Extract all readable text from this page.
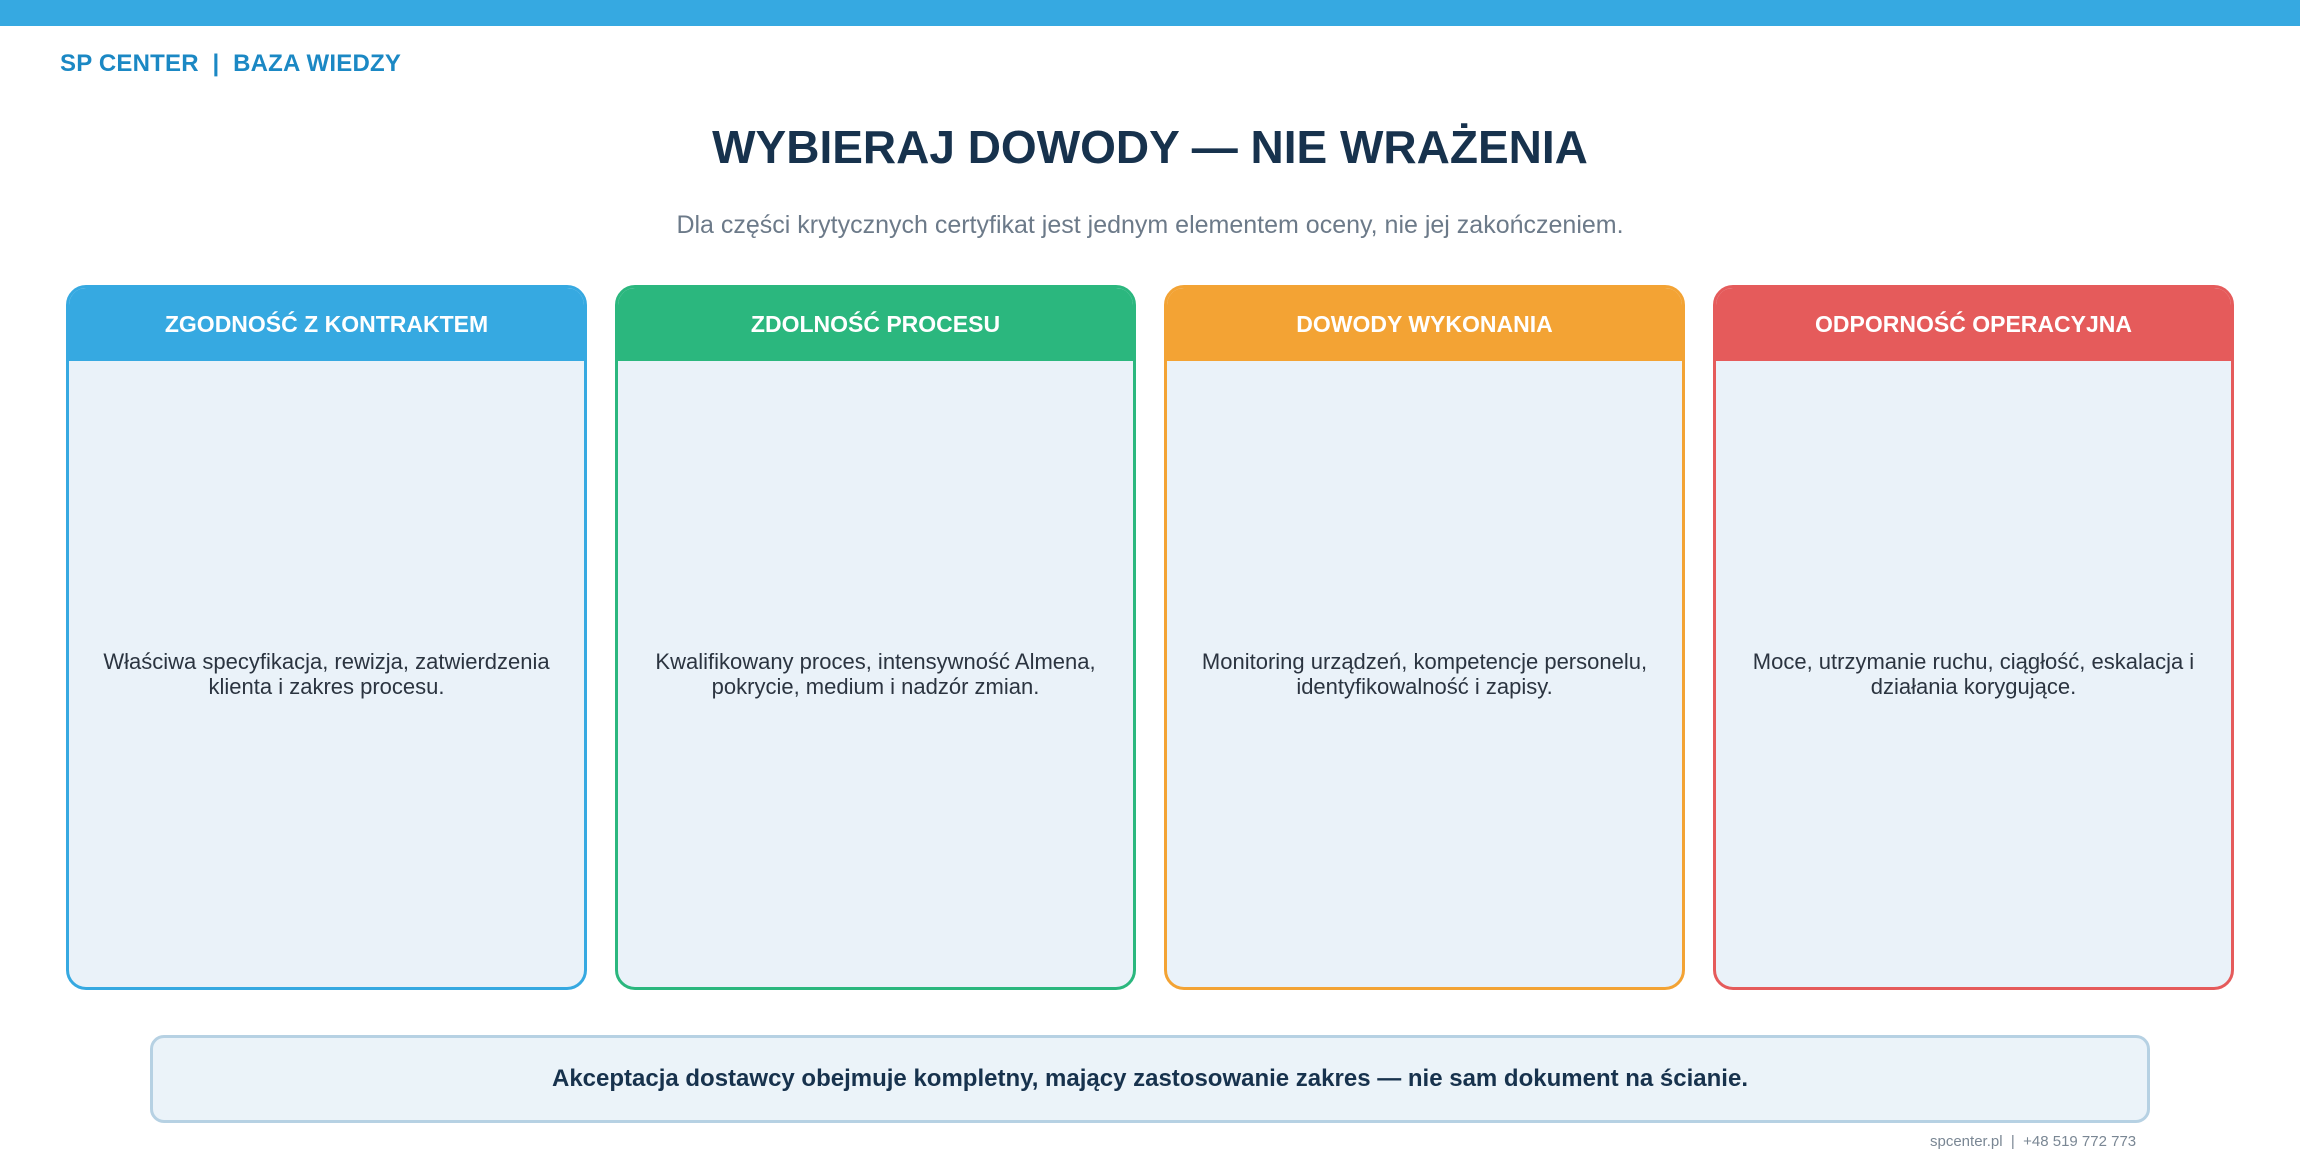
SP CENTER  |  BAZA WIEDZY
WYBIERAJ DOWODY — NIE WRAŻENIA

Dla części krytycznych certyfikat jest jednym elementem oceny, nie jej zakończeniem.

ZGODNOŚĆ Z KONTRAKTEM
Właściwa specyfikacja, rewizja, zatwierdzenia klienta i zakres procesu.
ZDOLNOŚĆ PROCESU
Kwalifikowany proces, intensywność Almena, pokrycie, medium i nadzór zmian.
DOWODY WYKONANIA
Monitoring urządzeń, kompetencje personelu, identyfikowalność i zapisy.
ODPORNOŚĆ OPERACYJNA
Moce, utrzymanie ruchu, ciągłość, eskalacja i działania korygujące.
Akceptacja dostawcy obejmuje kompletny, mający zastosowanie zakres — nie sam dokument na ścianie.
spcenter.pl  |  +48 519 772 773
